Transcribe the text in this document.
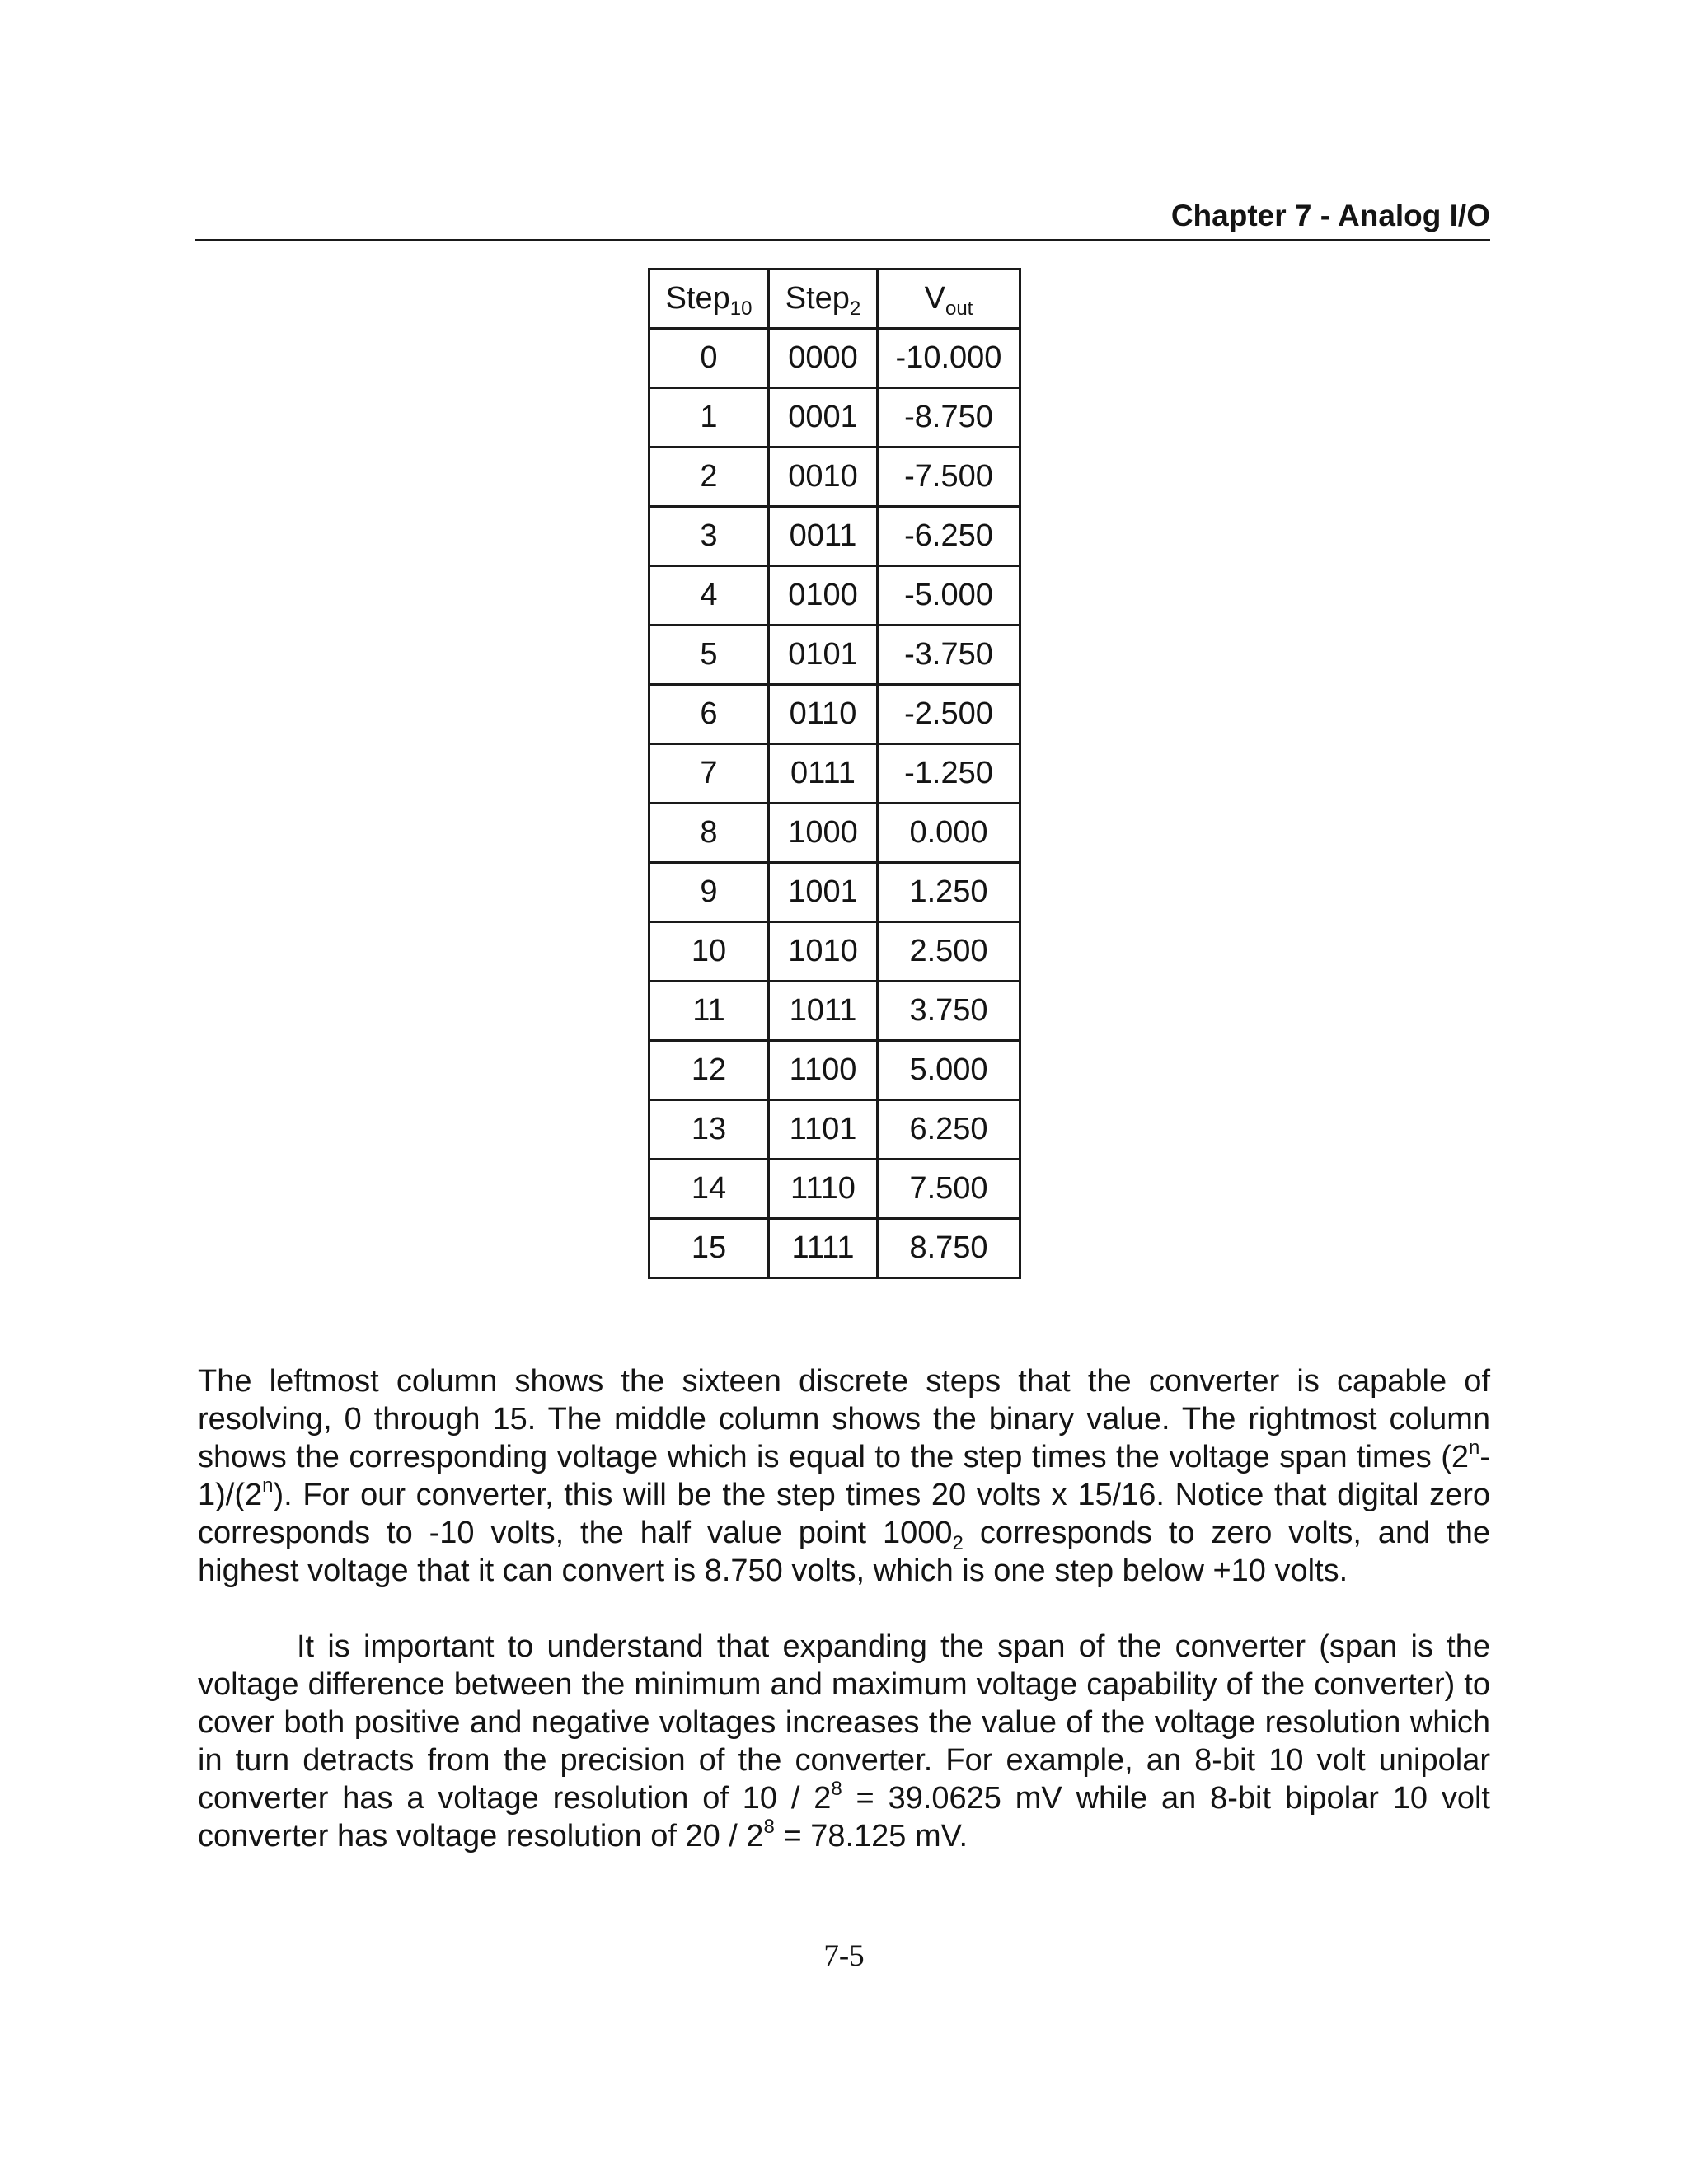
Chapter 7 - Analog I/O
Step$_{10}$	Step$_2$	$V_{out}$
0	0000	-10.000
1	0001	-8.750
2	0010	-7.500
3	0011	-6.250
4	0100	-5.000
5	0101	-3.750
6	0110	-2.500
7	0111	-1.250
8	1000	0.000
9	1001	1.250
10	1010	2.500
11	1011	3.750
12	1100	5.000
13	1101	6.250
14	1110	7.500
15	1111	8.750

The leftmost column shows the sixteen discrete steps that the converter is capable of resolving, 0 through 15. The middle column shows the binary value. The rightmost column shows the corresponding voltage which is equal to the step times the voltage span times (2$^n$-1)/(2$^n$). For our converter, this will be the step times 20 volts x 15/16. Notice that digital zero corresponds to -10 volts, the half value point $1000_2$ corresponds to zero volts, and the highest voltage that it can convert is 8.750 volts, which is one step below +10 volts.

It is important to understand that expanding the span of the converter (span is the voltage difference between the minimum and maximum voltage capability of the converter) to cover both positive and negative voltages increases the value of the voltage resolution which in turn detracts from the precision of the converter. For example, an 8-bit 10 volt unipolar converter has a voltage resolution of $10 / 2^8 = 39.0625$ mV while an 8-bit bipolar 10 volt converter has voltage resolution of $20 / 2^8 = 78.125$ mV.

7-5
